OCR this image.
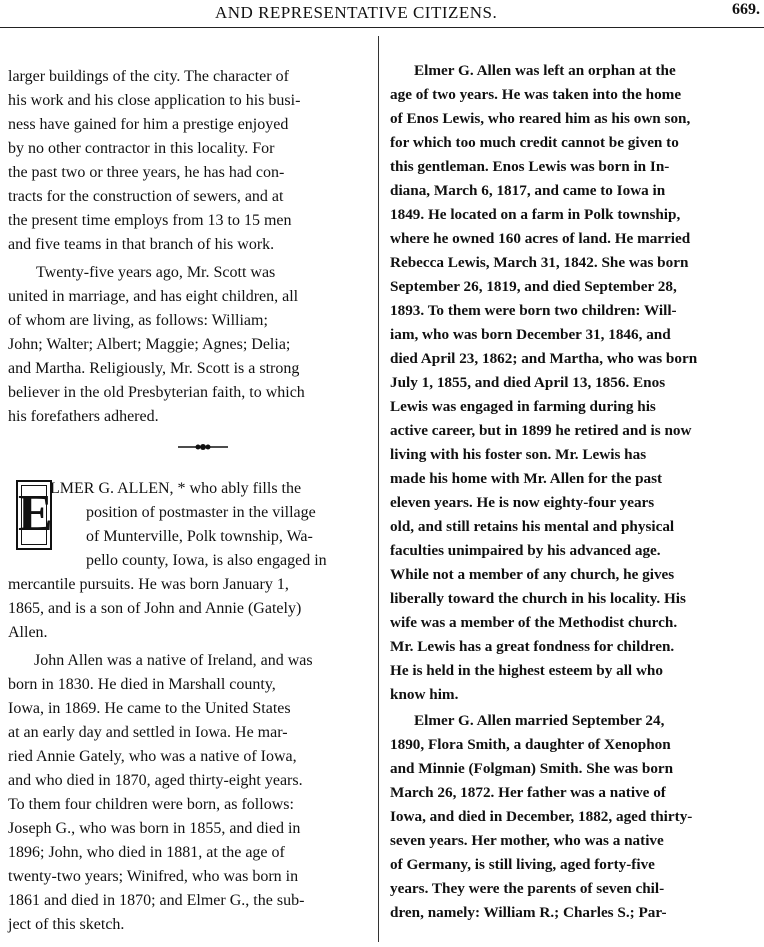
AND REPRESENTATIVE CITIZENS.	669.
larger buildings of the city. The character of
his work and his close application to his busi-
ness have gained for him a prestige enjoyed
by no other contractor in this locality. For
the past two or three years, he has had con-
tracts for the construction of sewers, and at
the present time employs from 13 to 15 men
and five teams in that branch of his work.
Twenty-five years ago, Mr. Scott was
united in marriage, and has eight children, all
of whom are living, as follows: William;
John; Walter; Albert; Maggie; Agnes; Delia;
and Martha. Religiously, Mr. Scott is a strong
believer in the old Presbyterian faith, to which
his forefathers adhered.
E
LMER G. ALLEN, * who ably fills the
position of postmaster in the village
of Munterville, Polk township, Wa-
pello county, Iowa, is also engaged in
mercantile pursuits. He was born January 1,
1865, and is a son of John and Annie (Gately)
Allen.
John Allen was a native of Ireland, and was
born in 1830. He died in Marshall county,
Iowa, in 1869. He came to the United States
at an early day and settled in Iowa. He mar-
ried Annie Gately, who was a native of Iowa,
and who died in 1870, aged thirty-eight years.
To them four children were born, as follows:
Joseph G., who was born in 1855, and died in
1896; John, who died in 1881, at the age of
twenty-two years; Winifred, who was born in
1861 and died in 1870; and Elmer G., the sub-
ject of this sketch.
Elmer G. Allen was left an orphan at the
age of two years. He was taken into the home
of Enos Lewis, who reared him as his own son,
for which too much credit cannot be given to
this gentleman. Enos Lewis was born in In-
diana, March 6, 1817, and came to Iowa in
1849. He located on a farm in Polk township,
where he owned 160 acres of land. He married
Rebecca Lewis, March 31, 1842. She was born
September 26, 1819, and died September 28,
1893. To them were born two children: Will-
iam, who was born December 31, 1846, and
died April 23, 1862; and Martha, who was born
July 1, 1855, and died April 13, 1856. Enos
Lewis was engaged in farming during his
active career, but in 1899 he retired and is now
living with his foster son. Mr. Lewis has
made his home with Mr. Allen for the past
eleven years. He is now eighty-four years
old, and still retains his mental and physical
faculties unimpaired by his advanced age.
While not a member of any church, he gives
liberally toward the church in his locality. His
wife was a member of the Methodist church.
Mr. Lewis has a great fondness for children.
He is held in the highest esteem by all who
know him.
Elmer G. Allen married September 24,
1890, Flora Smith, a daughter of Xenophon
and Minnie (Folgman) Smith. She was born
March 26, 1872. Her father was a native of
Iowa, and died in December, 1882, aged thirty-
seven years. Her mother, who was a native
of Germany, is still living, aged forty-five
years. They were the parents of seven chil-
dren, namely: William R.; Charles S.; Par-
